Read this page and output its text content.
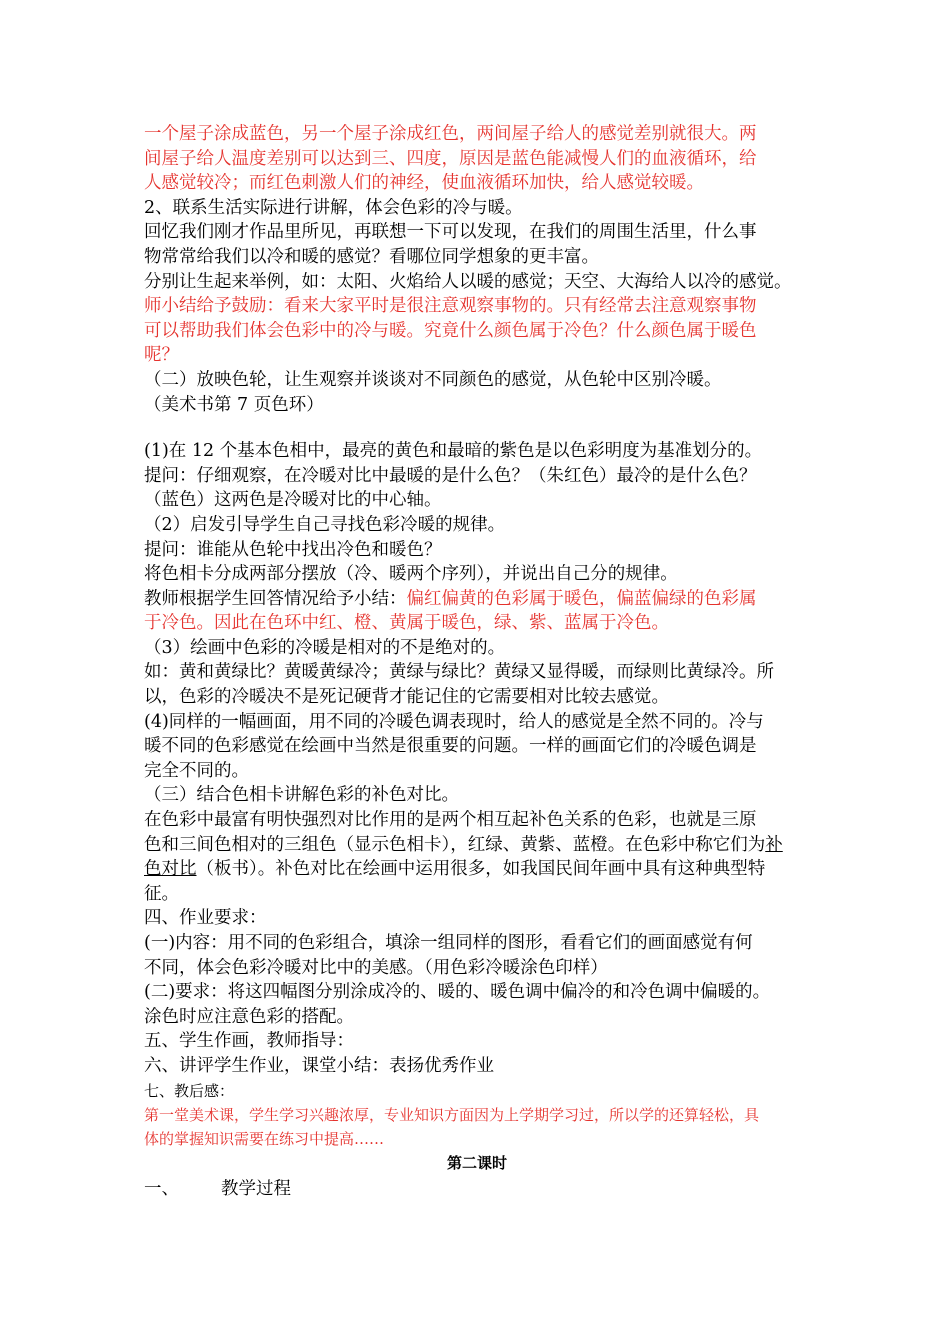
一个屋子涂成蓝色，另一个屋子涂成红色，两间屋子给人的感觉差别就很大。两
间屋子给人温度差别可以达到三、四度，原因是蓝色能减慢人们的血液循环，给
人感觉较冷；而红色刺激人们的神经，使血液循环加快，给人感觉较暖。
2、联系生活实际进行讲解，体会色彩的冷与暖。
回忆我们刚才作品里所见，再联想一下可以发现，在我们的周围生活里，什么事
物常常给我们以冷和暖的感觉？看哪位同学想象的更丰富。
分别让生起来举例，如：太阳、火焰给人以暖的感觉；天空、大海给人以冷的感觉。
师小结给予鼓励：看来大家平时是很注意观察事物的。只有经常去注意观察事物
可以帮助我们体会色彩中的冷与暖。究竟什么颜色属于冷色？什么颜色属于暖色
呢？
（二）放映色轮，让生观察并谈谈对不同颜色的感觉，从色轮中区别冷暖。
（美术书第 7 页色环）
(1)在 12 个基本色相中，最亮的黄色和最暗的紫色是以色彩明度为基准划分的。
提问：仔细观察，在冷暖对比中最暖的是什么色？（朱红色）最冷的是什么色？
（蓝色）这两色是冷暖对比的中心轴。
（2）启发引导学生自己寻找色彩冷暖的规律。
提问：谁能从色轮中找出冷色和暖色？
将色相卡分成两部分摆放（冷、暖两个序列），并说出自己分的规律。
教师根据学生回答情况给予小结：偏红偏黄的色彩属于暖色，偏蓝偏绿的色彩属
于冷色。因此在色环中红、橙、黄属于暖色，绿、紫、蓝属于冷色。
（3）绘画中色彩的冷暖是相对的不是绝对的。
如：黄和黄绿比？黄暖黄绿冷；黄绿与绿比？黄绿又显得暖，而绿则比黄绿冷。所
以，色彩的冷暖决不是死记硬背才能记住的它需要相对比较去感觉。
(4)同样的一幅画面，用不同的冷暖色调表现时，给人的感觉是全然不同的。冷与
暖不同的色彩感觉在绘画中当然是很重要的问题。一样的画面它们的冷暖色调是
完全不同的。
（三）结合色相卡讲解色彩的补色对比。
在色彩中最富有明快强烈对比作用的是两个相互起补色关系的色彩，也就是三原
色和三间色相对的三组色（显示色相卡），红绿、黄紫、蓝橙。在色彩中称它们为补
色对比（板书）。补色对比在绘画中运用很多，如我国民间年画中具有这种典型特
征。
四、作业要求：
(一)内容：用不同的色彩组合，填涂一组同样的图形，看看它们的画面感觉有何
不同，体会色彩冷暖对比中的美感。（用色彩冷暖涂色印样）
(二)要求：将这四幅图分别涂成冷的、暖的、暖色调中偏冷的和冷色调中偏暖的。
涂色时应注意色彩的搭配。
五、学生作画，教师指导：
六、讲评学生作业，课堂小结：表扬优秀作业
七、教后感：
第一堂美术课，学生学习兴趣浓厚，专业知识方面因为上学期学习过，所以学的还算轻松，具
体的掌握知识需要在练习中提高……
第二课时
一、 教学过程
